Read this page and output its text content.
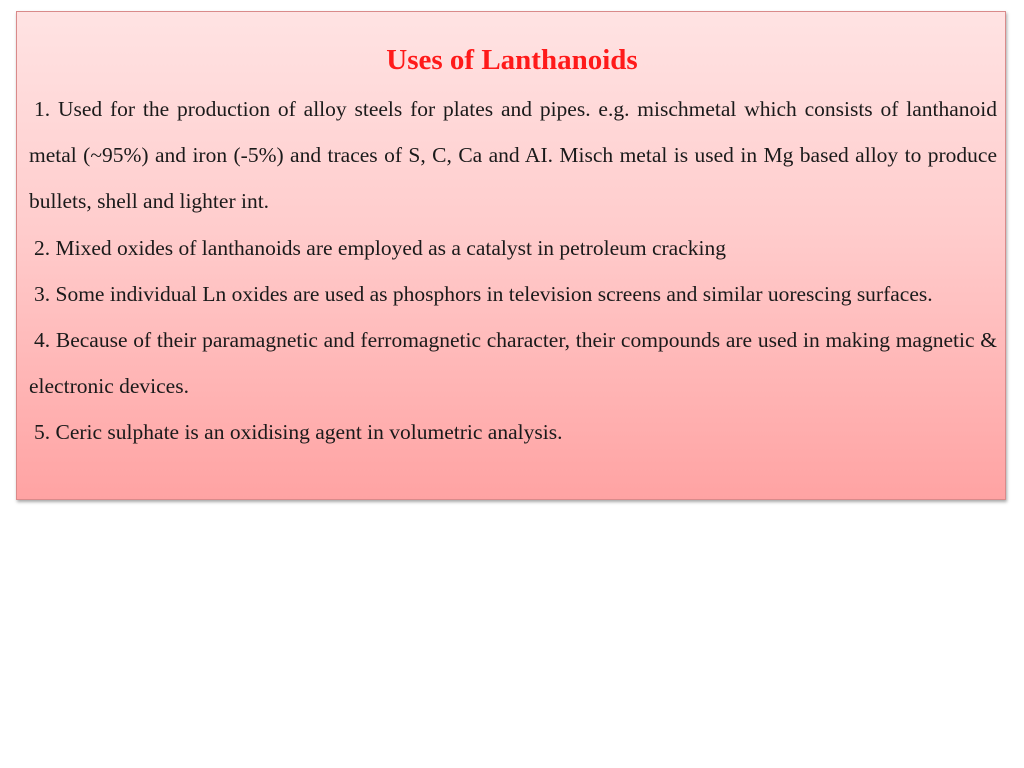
Uses of Lanthanoids

1. Used for the production of alloy steels for plates and pipes. e.g. mischmetal which consists of lanthanoid metal (~95%) and iron (-5%) and traces of S, C, Ca and AI. Misch metal is used in Mg based alloy to produce bullets, shell and lighter int.

2. Mixed oxides of lanthanoids are employed as a catalyst in petroleum cracking

3. Some individual Ln oxides are used as phosphors in television screens and similar uorescing surfaces.

4. Because of their paramagnetic and ferromagnetic character, their compounds are used in making magnetic & electronic devices.

5. Ceric sulphate is an oxidising agent in volumetric analysis.
